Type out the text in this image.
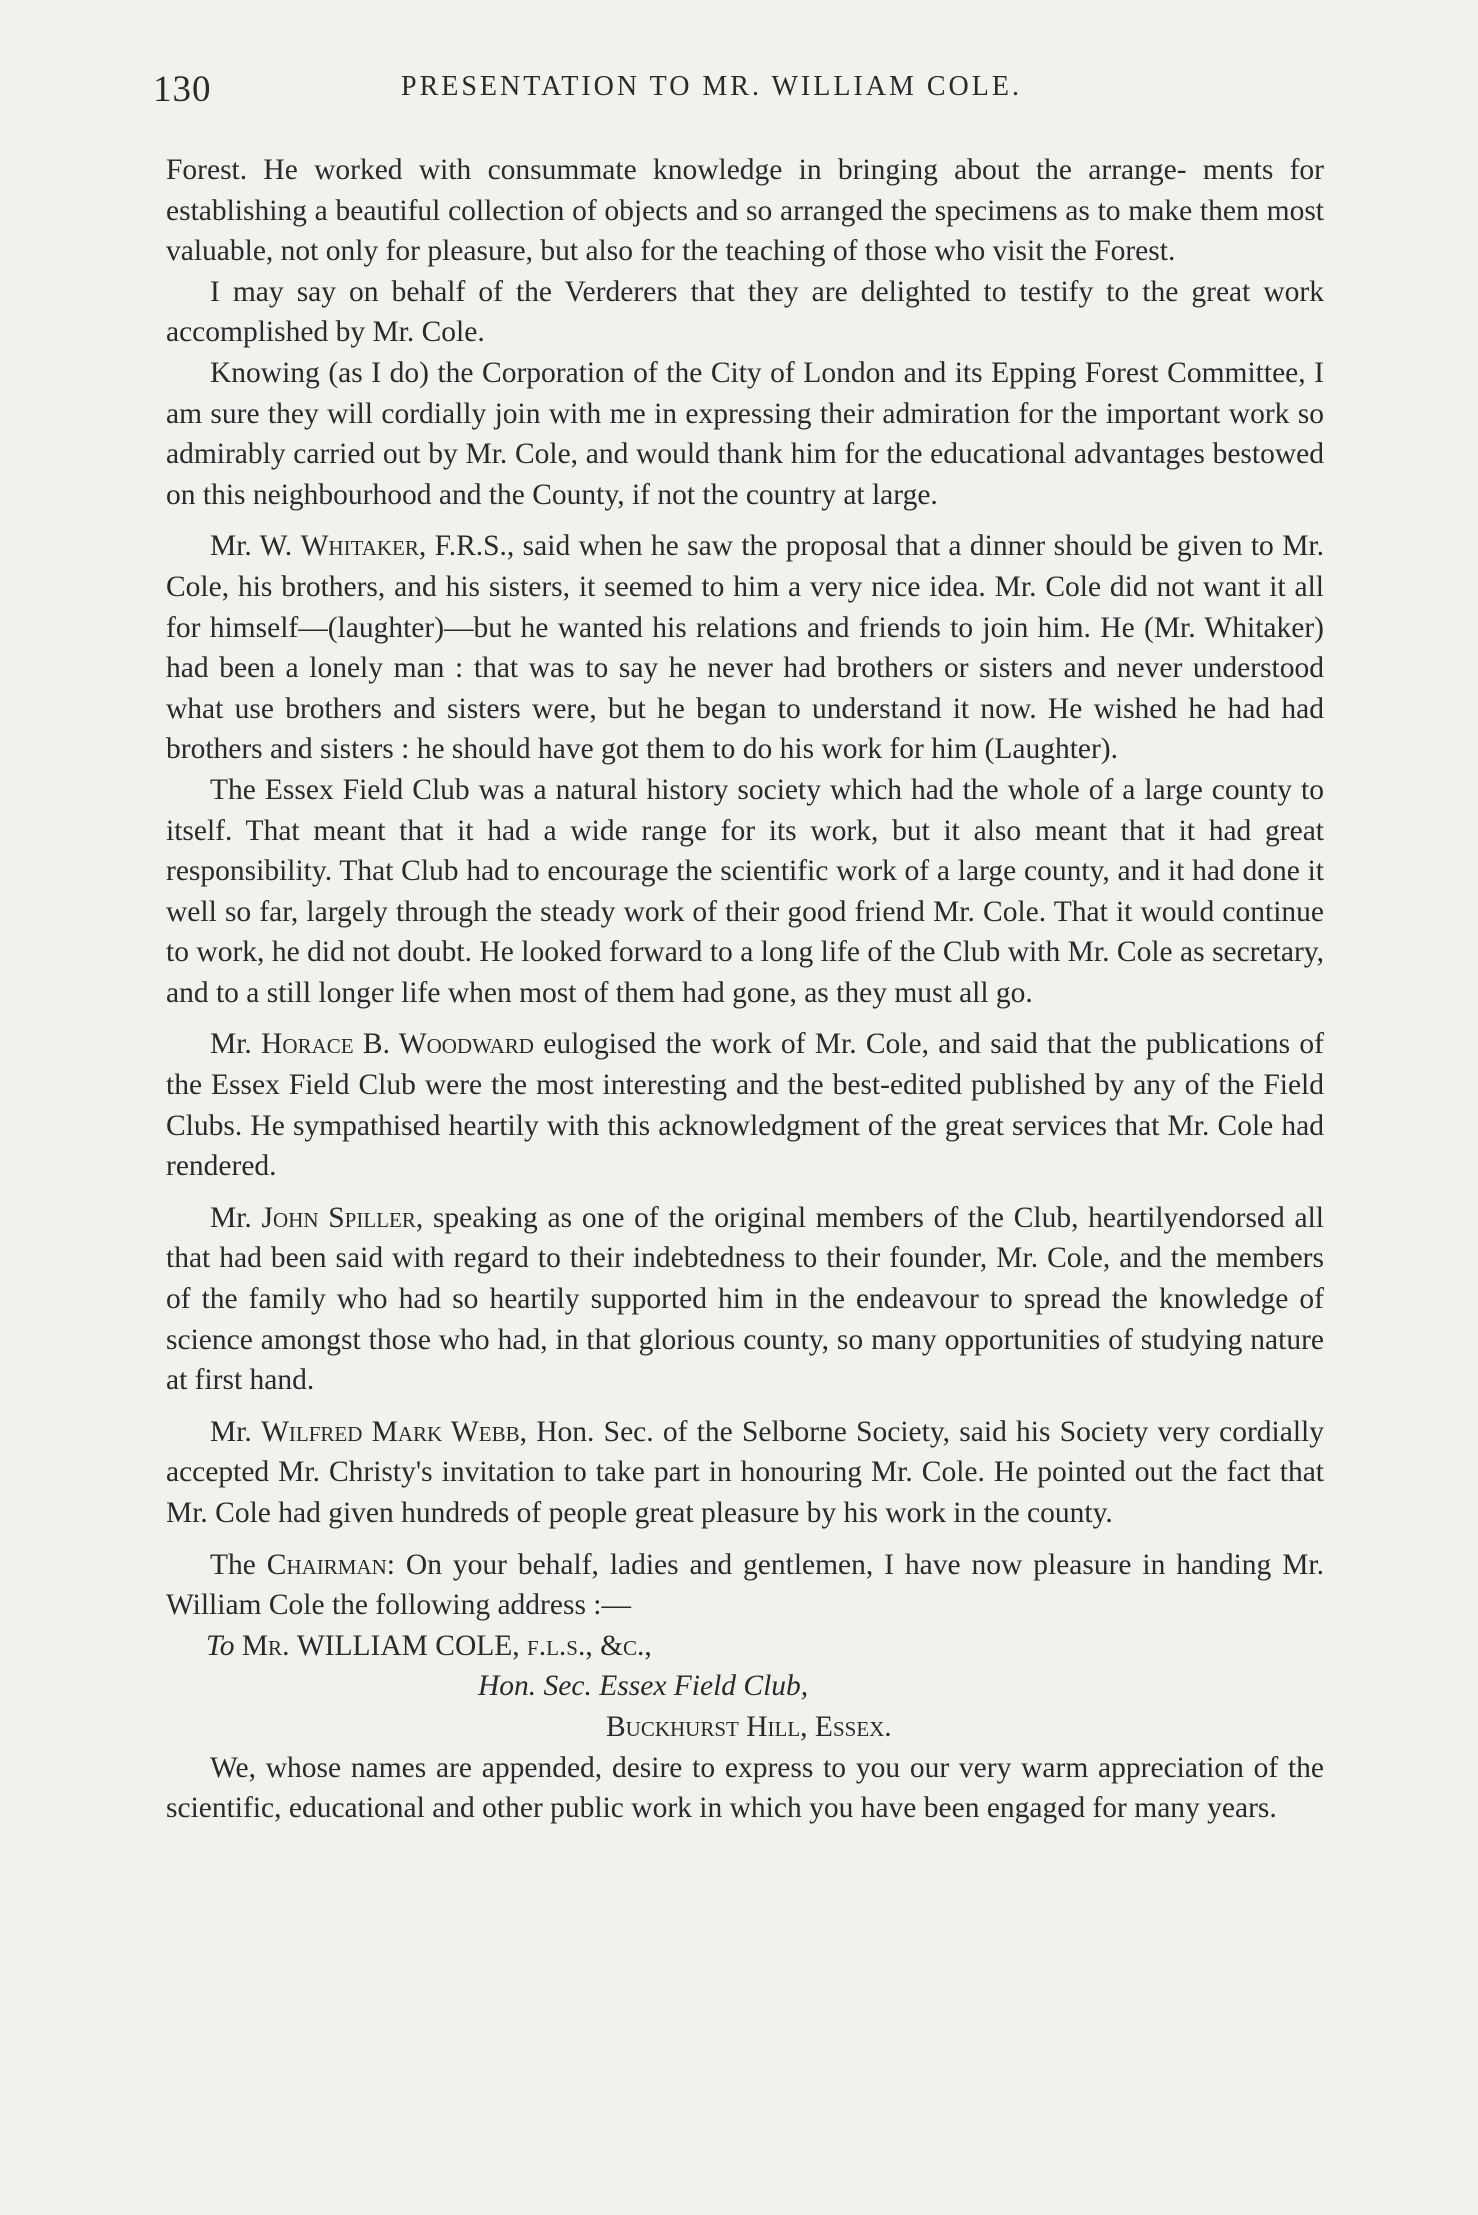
130	PRESENTATION TO MR. WILLIAM COLE.

Forest. He worked with consummate knowledge in bringing about the arrange- ments for establishing a beautiful collection of objects and so arranged the specimens as to make them most valuable, not only for pleasure, but also for the teaching of those who visit the Forest.

I may say on behalf of the Verderers that they are delighted to testify to the great work accomplished by Mr. Cole.

Knowing (as I do) the Corporation of the City of London and its Epping Forest Committee, I am sure they will cordially join with me in expressing their admiration for the important work so admirably carried out by Mr. Cole, and would thank him for the educational advantages bestowed on this neighbourhood and the County, if not the country at large.

Mr. W. Whitaker, F.R.S., said when he saw the proposal that a dinner should be given to Mr. Cole, his brothers, and his sisters, it seemed to him a very nice idea. Mr. Cole did not want it all for himself—(laughter)—but he wanted his relations and friends to join him. He (Mr. Whitaker) had been a lonely man : that was to say he never had brothers or sisters and never understood what use brothers and sisters were, but he began to understand it now. He wished he had had brothers and sisters : he should have got them to do his work for him (Laughter).

The Essex Field Club was a natural history society which had the whole of a large county to itself. That meant that it had a wide range for its work, but it also meant that it had great responsibility. That Club had to encourage the scientific work of a large county, and it had done it well so far, largely through the steady work of their good friend Mr. Cole. That it would continue to work, he did not doubt. He looked forward to a long life of the Club with Mr. Cole as secretary, and to a still longer life when most of them had gone, as they must all go.

Mr. Horace B. Woodward eulogised the work of Mr. Cole, and said that the publications of the Essex Field Club were the most interesting and the best-edited published by any of the Field Clubs. He sympathised heartily with this acknowledgment of the great services that Mr. Cole had rendered.

Mr. John Spiller, speaking as one of the original members of the Club, heartilyendorsed all that had been said with regard to their indebtedness to their founder, Mr. Cole, and the members of the family who had so heartily supported him in the endeavour to spread the knowledge of science amongst those who had, in that glorious county, so many opportunities of studying nature at first hand.

Mr. Wilfred Mark Webb, Hon. Sec. of the Selborne Society, said his Society very cordially accepted Mr. Christy's invitation to take part in honouring Mr. Cole. He pointed out the fact that Mr. Cole had given hundreds of people great pleasure by his work in the county.

The Chairman: On your behalf, ladies and gentlemen, I have now pleasure in handing Mr. William Cole the following address :—

To Mr. WILLIAM COLE, f.l.s., &c.,

Hon. Sec. Essex Field Club,

Buckhurst Hill, Essex.

We, whose names are appended, desire to express to you our very warm appreciation of the scientific, educational and other public work in which you have been engaged for many years.
